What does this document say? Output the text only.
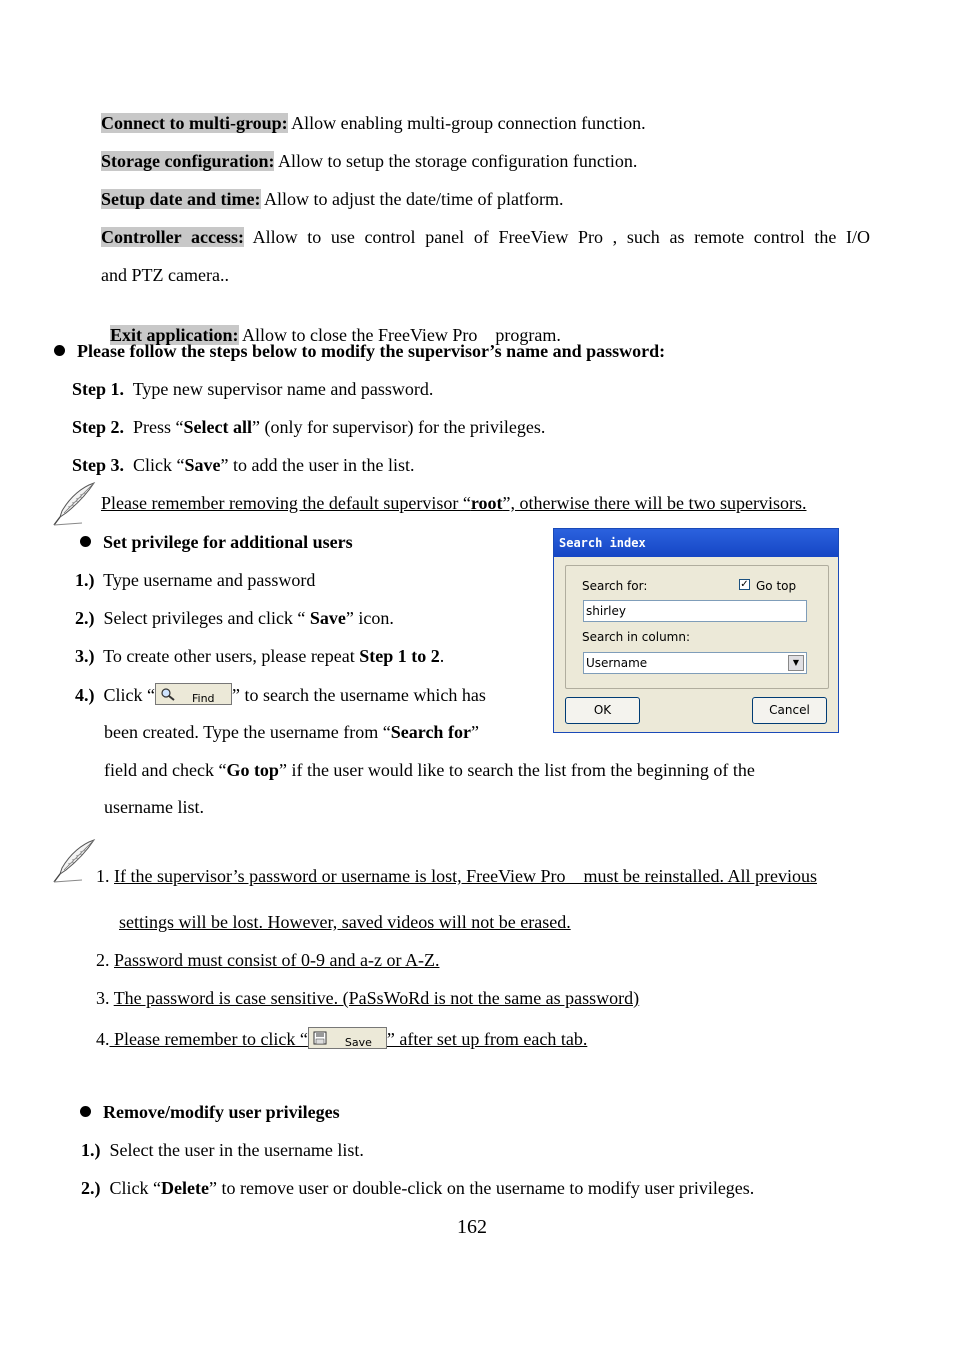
Connect to multi-group: Allow enabling multi-group connection function.
Storage configuration: Allow to setup the storage configuration function.
Setup date and time: Allow to adjust the date/time of platform.
Controller access: Allow to use control panel of FreeView Pro , such as remote control the I/O
and PTZ camera..

Exit application: Allow to close the FreeView Pro    program.

Please follow the steps below to modify the supervisor’s name and password:
Step 1.  Type new supervisor name and password.
Step 2.  Press “Select all” (only for supervisor) for the privileges.
Step 3.  Click “Save” to add the user in the list.
Please remember removing the default supervisor “root”, otherwise there will be two supervisors.
Set privilege for additional users
1.)  Type username and password
2.)  Select privileges and click “ Save” icon.
3.)  To create other users, please repeat Step 1 to 2.
4.)  Click “	Find ” to search the username which has
been created. Type the username from “Search for”
field and check “Go top” if the user would like to search the list from the beginning of the
username list.
Search index
Search for:	✓ Go top
shirley
Search in column:
Username	▼
OK	Cancel
1. If the supervisor’s password or username is lost, FreeView Pro    must be reinstalled. All previous
settings will be lost. However, saved videos will not be erased.
2. Password must consist of 0-9 and a-z or A-Z.
3. The password is case sensitive. (PaSsWoRd is not the same as password)
4. Please remember to click “	Save ” after set up from each tab.
Remove/modify user privileges
1.)  Select the user in the username list.
2.)  Click “Delete” to remove user or double-click on the username to modify user privileges.
162
